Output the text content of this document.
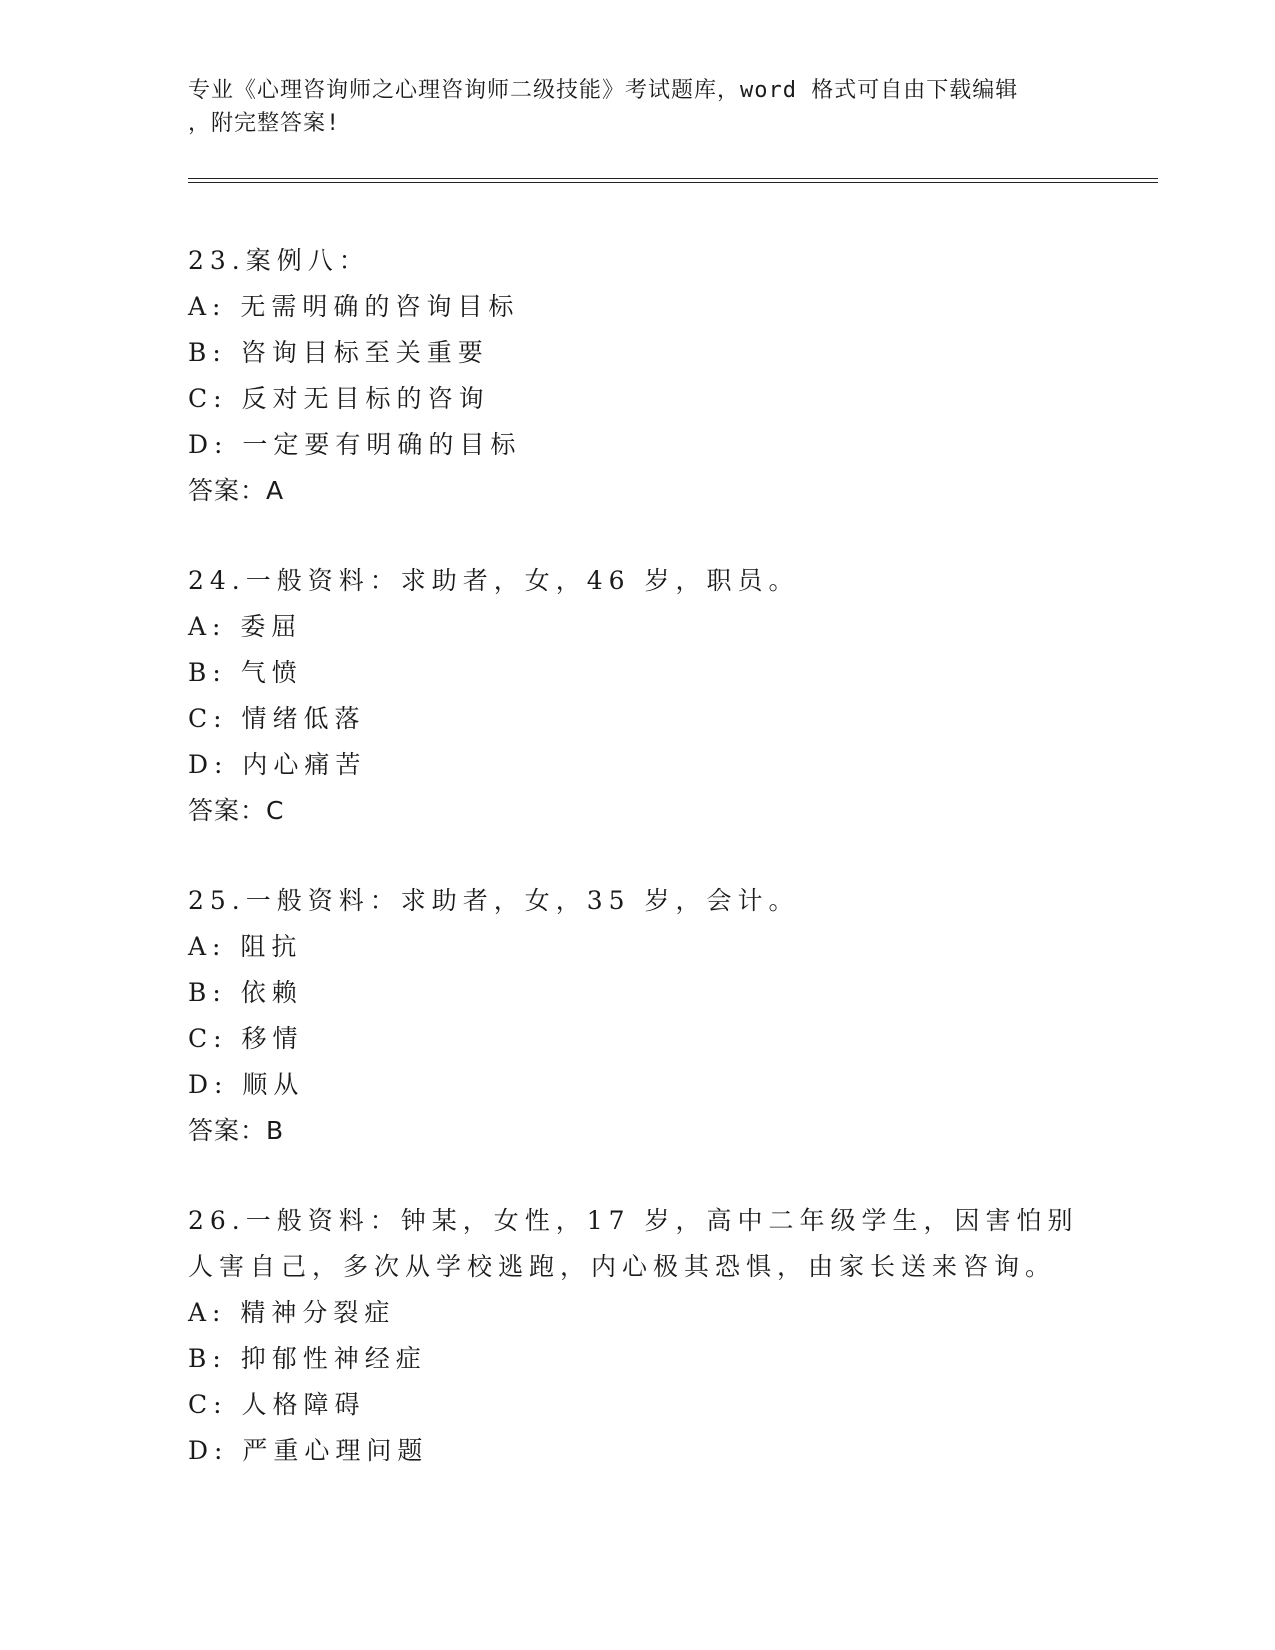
专业《心理咨询师之心理咨询师二级技能》考试题库，word 格式可自由下载编辑
，附完整答案!
23.案例八：
A: 无需明确的咨询目标
B: 咨询目标至关重要
C: 反对无目标的咨询
D: 一定要有明确的目标
答案：A
24.一般资料：求助者，女，46 岁，职员。
A: 委屈
B: 气愤
C: 情绪低落
D: 内心痛苦
答案：C
25.一般资料：求助者，女，35 岁，会计。
A: 阻抗
B: 依赖
C: 移情
D: 顺从
答案：B
26.一般资料：钟某，女性，17 岁，高中二年级学生，因害怕别人害自己，多次从学校逃跑，内心极其恐惧，由家长送来咨询。
A: 精神分裂症
B: 抑郁性神经症
C: 人格障碍
D: 严重心理问题
